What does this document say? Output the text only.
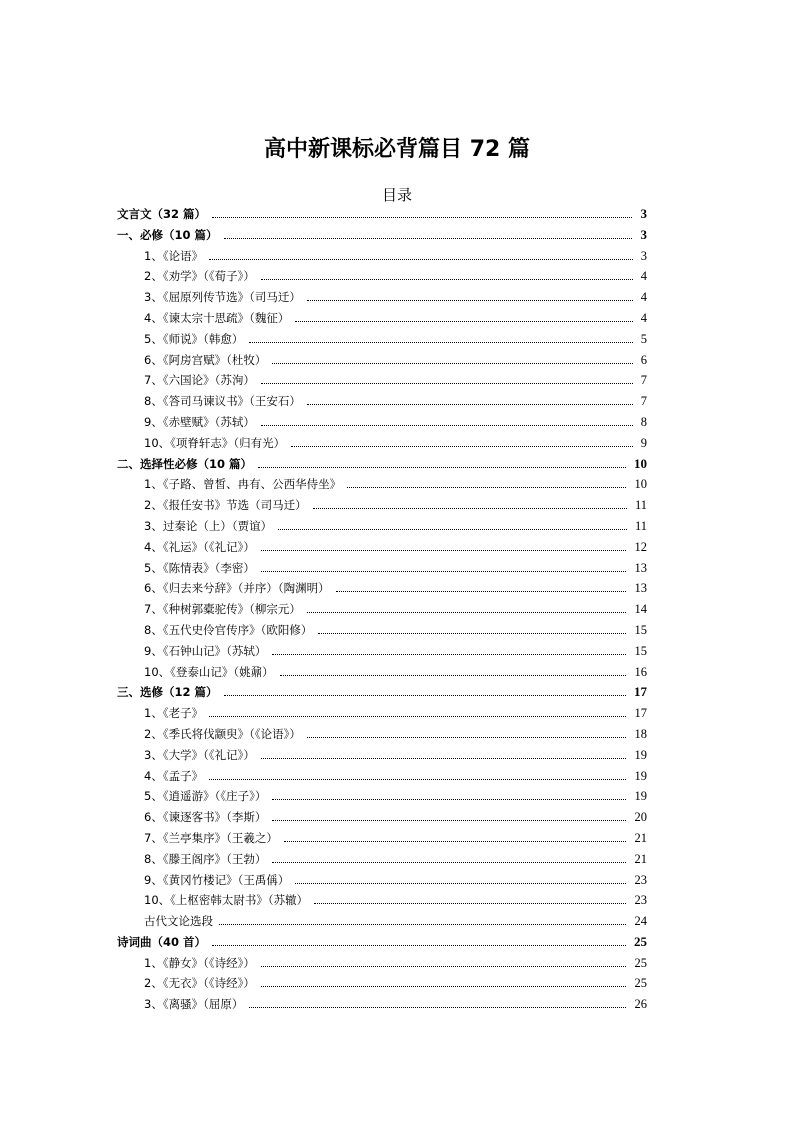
高中新课标必背篇目 72 篇
目录
文言文（32 篇）	3
一、必修（10 篇）	3
1、《论语》	3
2、《劝学》（《荀子》）	4
3、《屈原列传节选》（司马迁）	4
4、《谏太宗十思疏》（魏征）	4
5、《师说》（韩愈）	5
6、《阿房宫赋》（杜牧）	6
7、《六国论》（苏洵）	7
8、《答司马谏议书》（王安石）	7
9、《赤壁赋》（苏轼）	8
10、《项脊轩志》（归有光）	9
二、选择性必修（10 篇）	10
1、《子路、曾皙、冉有、公西华侍坐》	10
2、《报任安书》节选（司马迁）	11
3、过秦论（上）（贾谊）	11
4、《礼运》（《礼记》）	12
5、《陈情表》（李密）	13
6、《归去来兮辞》（并序）（陶渊明）	13
7、《种树郭橐驼传》（柳宗元）	14
8、《五代史伶官传序》（欧阳修）	15
9、《石钟山记》（苏轼）	15
10、《登泰山记》（姚鼐）	16
三、选修（12 篇）	17
1、《老子》	17
2、《季氏将伐颛臾》（《论语》）	18
3、《大学》（《礼记》）	19
4、《孟子》	19
5、《逍遥游》（《庄子》）	19
6、《谏逐客书》（李斯）	20
7、《兰亭集序》（王羲之）	21
8、《滕王阁序》（王勃）	21
9、《黄冈竹楼记》（王禹偁）	23
10、《上枢密韩太尉书》（苏辙）	23
古代文论选段	24
诗词曲（40 首）	25
1、《静女》（《诗经》）	25
2、《无衣》（《诗经》）	25
3、《离骚》（屈原）	26
